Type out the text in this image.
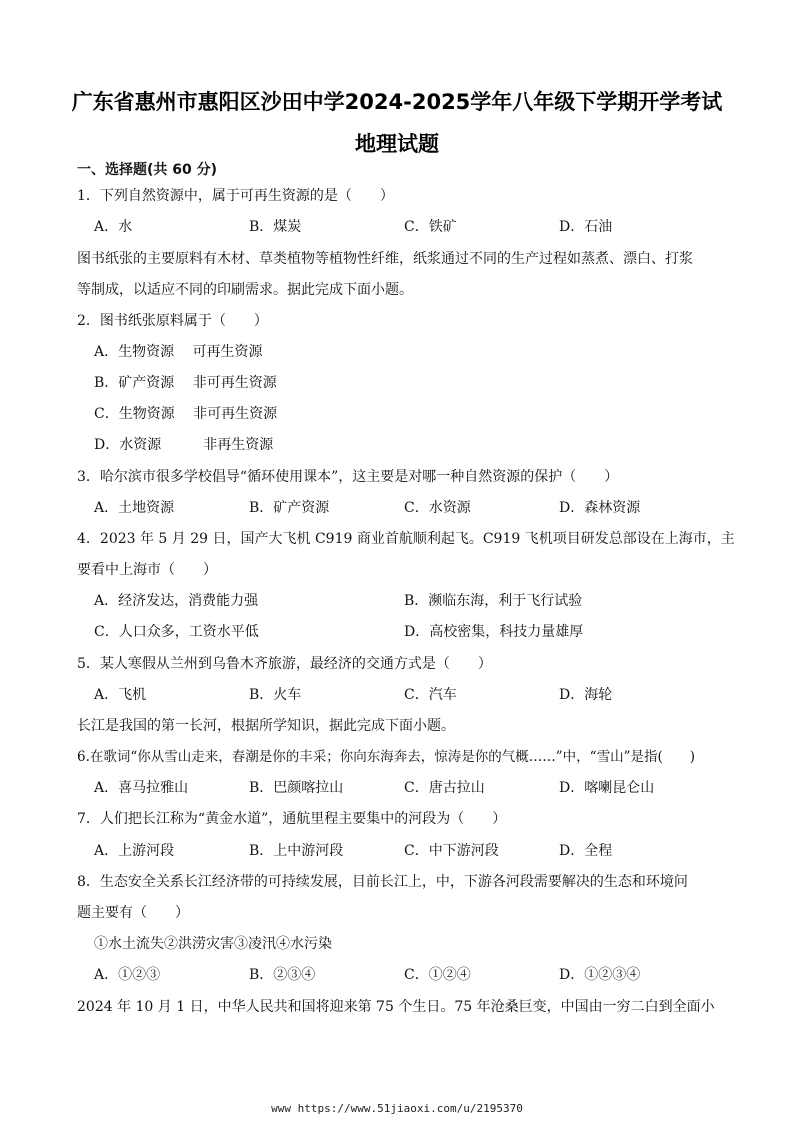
广东省惠州市惠阳区沙田中学2024-2025学年八年级下学期开学考试
地理试题
一、选择题(共 60 分)
1．下列自然资源中，属于可再生资源的是（　　）
A．水	B．煤炭	C．铁矿	D．石油
图书纸张的主要原料有木材、草类植物等植物性纤维，纸浆通过不同的生产过程如蒸煮、漂白、打浆
等制成，以适应不同的印刷需求。据此完成下面小题。
2．图书纸张原料属于（　　）
A．生物资源　 可再生资源
B．矿产资源　 非可再生资源
C．生物资源　 非可再生资源
D．水资源　　　非再生资源
3．哈尔滨市很多学校倡导“循环使用课本”，这主要是对哪一种自然资源的保护（　　）
A．土地资源	B．矿产资源	C．水资源	D．森林资源
4．2023 年 5 月 29 日，国产大飞机 C919 商业首航顺利起飞。C919 飞机项目研发总部设在上海市，主
要看中上海市（　　）
A．经济发达，消费能力强	B．濒临东海，利于飞行试验
C．人口众多，工资水平低	D．高校密集，科技力量雄厚
5．某人寒假从兰州到乌鲁木齐旅游，最经济的交通方式是（　　）
A．飞机	B．火车	C．汽车	D．海轮
长江是我国的第一长河，根据所学知识，据此完成下面小题。
6.在歌词“你从雪山走来，春潮是你的丰采；你向东海奔去，惊涛是你的气概……”中，“雪山”是指(　　)
A．喜马拉雅山	B．巴颜喀拉山	C．唐古拉山	D．喀喇昆仑山
7．人们把长江称为“黄金水道”，通航里程主要集中的河段为（　　）
A．上游河段	B．上中游河段	C．中下游河段	D．全程
8．生态安全关系长江经济带的可持续发展，目前长江上，中，下游各河段需要解决的生态和环境问
题主要有（　　）
①水土流失②洪涝灾害③凌汛④水污染
A．①②③	B．②③④	C．①②④	D．①②③④
2024 年 10 月 1 日，中华人民共和国将迎来第 75 个生日。75 年沧桑巨变，中国由一穷二白到全面小
www https://www.51jiaoxi.com/u/2195370
